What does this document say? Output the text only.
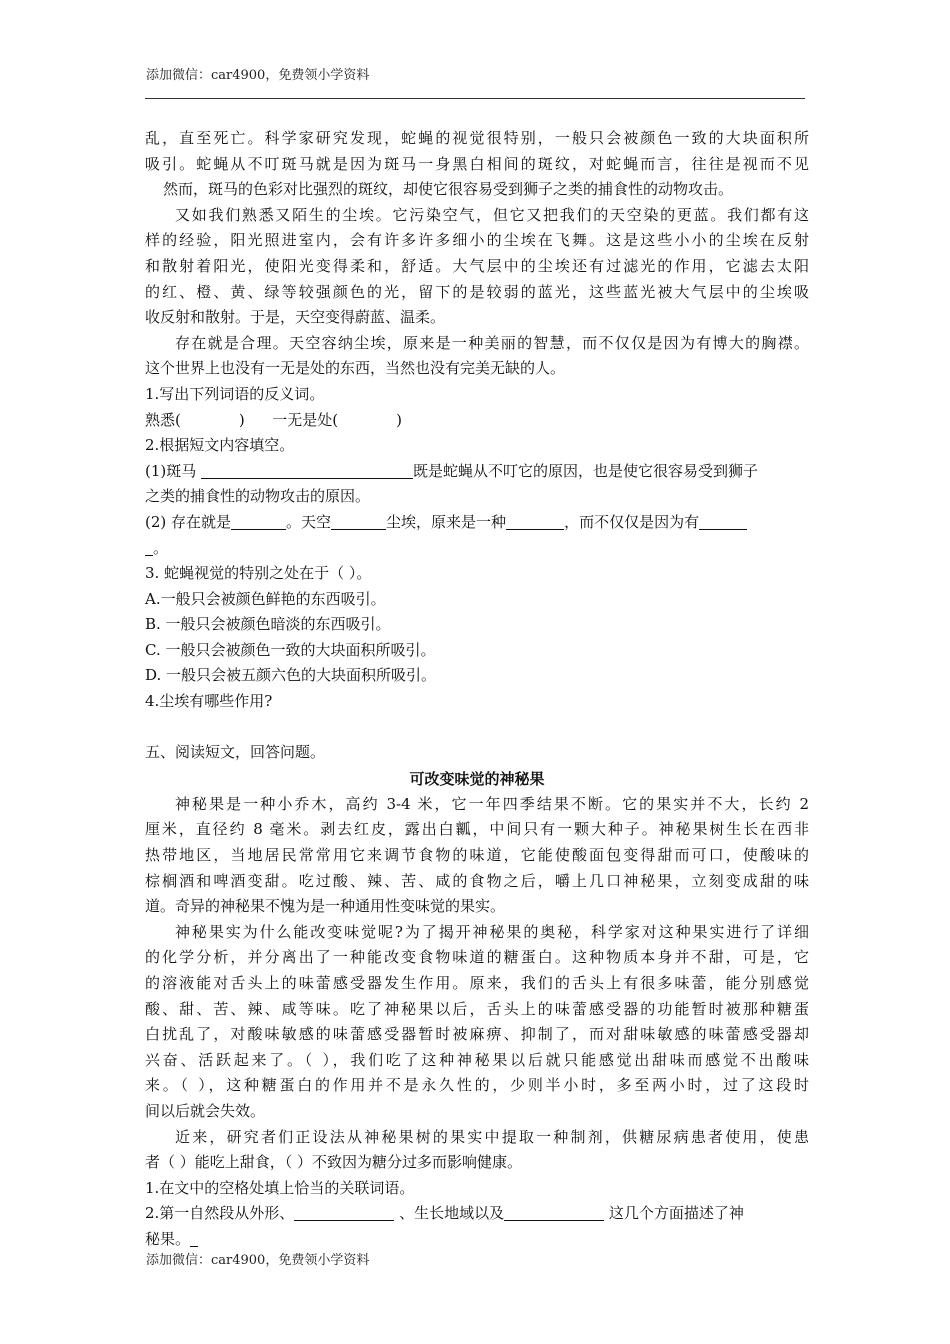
添加微信：car4900，免费领小学资料
乱，直至死亡。科学家研究发现，蛇蝇的视觉很特别，一般只会被颜色一致的大块面积所
吸引。蛇蝇从不叮斑马就是因为斑马一身黑白相间的斑纹，对蛇蝇而言，往往是视而不见
然而，斑马的色彩对比强烈的斑纹，却使它很容易受到狮子之类的捕食性的动物攻击。
又如我们熟悉又陌生的尘埃。它污染空气，但它又把我们的天空染的更蓝。我们都有这
样的经验，阳光照进室内，会有许多许多细小的尘埃在飞舞。这是这些小小的尘埃在反射
和散射着阳光，使阳光变得柔和，舒适。大气层中的尘埃还有过滤光的作用，它滤去太阳
的红、橙、黄、绿等较强颜色的光，留下的是较弱的蓝光，这些蓝光被大气层中的尘埃吸
收反射和散射。于是，天空变得蔚蓝、温柔。
存在就是合理。天空容纳尘埃，原来是一种美丽的智慧，而不仅仅是因为有博大的胸襟。
这个世界上也没有一无是处的东西，当然也没有完美无缺的人。
1.写出下列词语的反义词。
熟悉(	) 一无是处(	)
2.根据短文内容填空。
(1)斑马	既是蛇蝇从不叮它的原因，也是使它很容易受到狮子
之类的捕食性的动物攻击的原因。
(2) 存在就是	。天空	尘埃，原来是一种	，而不仅仅是因为有
。
3. 蛇蝇视觉的特别之处在于（ ）。
A.一般只会被颜色鲜艳的东西吸引。
B. 一般只会被颜色暗淡的东西吸引。
C. 一般只会被颜色一致的大块面积所吸引。
D. 一般只会被五颜六色的大块面积所吸引。
4.尘埃有哪些作用?
五、阅读短文，回答问题。
可改变味觉的神秘果
神秘果是一种小乔木，高约 3-4 米，它一年四季结果不断。它的果实并不大，长约 2
厘米，直径约 8 毫米。剥去红皮，露出白瓤，中间只有一颗大种子。神秘果树生长在西非
热带地区，当地居民常常用它来调节食物的味道，它能使酸面包变得甜而可口，使酸味的
棕榈酒和啤酒变甜。吃过酸、辣、苦、咸的食物之后，嚼上几口神秘果，立刻变成甜的味
道。奇异的神秘果不愧为是一种通用性变味觉的果实。
神秘果实为什么能改变味觉呢?为了揭开神秘果的奥秘，科学家对这种果实进行了详细
的化学分析，并分离出了一种能改变食物味道的糖蛋白。这种物质本身并不甜，可是，它
的溶液能对舌头上的味蕾感受器发生作用。原来，我们的舌头上有很多味蕾，能分别感觉
酸、甜、苦、辣、咸等味。吃了神秘果以后，舌头上的味蕾感受器的功能暂时被那种糖蛋
白扰乱了，对酸味敏感的味蕾感受器暂时被麻痹、抑制了，而对甜味敏感的味蕾感受器却
兴奋、活跃起来了。（ ），我们吃了这种神秘果以后就只能感觉出甜味而感觉不出酸味
来。（ ），这种糖蛋白的作用并不是永久性的，少则半小时，多至两小时，过了这段时
间以后就会失效。
近来，研究者们正设法从神秘果树的果实中提取一种制剂，供糖尿病患者使用，使患
者（ ）能吃上甜食，（ ）不致因为糖分过多而影响健康。
1.在文中的空格处填上恰当的关联词语。
2.第一自然段从外形、	、生长地域以及	这几个方面描述了神
秘果。
添加微信：car4900，免费领小学资料
